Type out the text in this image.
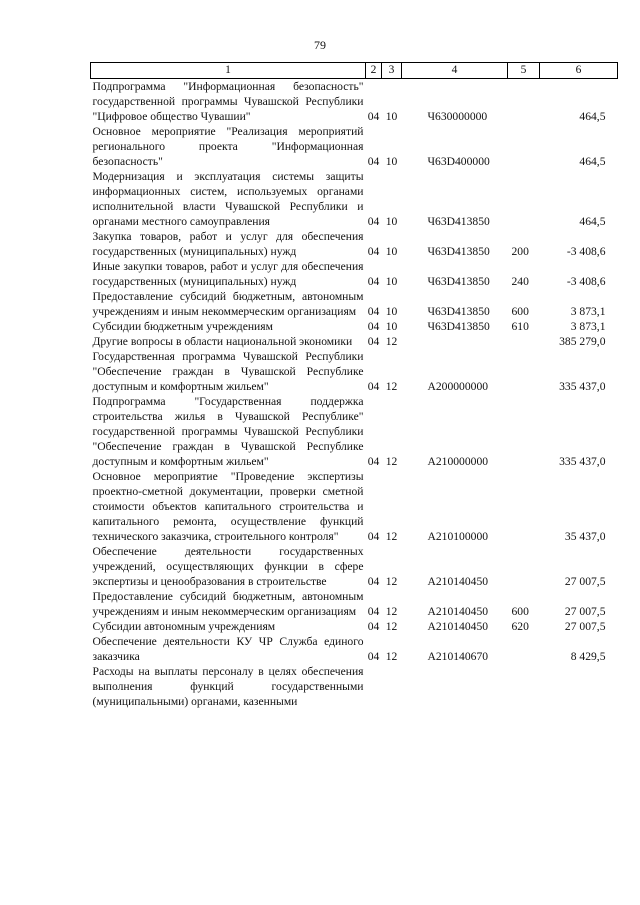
79
1	2	3	4	5	6
Подпрограмма "Информационная безопасность" государственной программы Чувашской Республики "Цифровое общество Чувашии"	04	10	Ч630000000		464,5
Основное мероприятие "Реализация мероприятий регионального проекта "Информационная безопасность"	04	10	Ч63D400000		464,5
Модернизация и эксплуатация системы защиты информационных систем, используемых органами исполнительной власти Чувашской Республики и органами местного самоуправления	04	10	Ч63D413850		464,5
Закупка товаров, работ и услуг для обеспечения государственных (муниципальных) нужд	04	10	Ч63D413850	200	-3 408,6
Иные закупки товаров, работ и услуг для обеспечения государственных (муниципальных) нужд	04	10	Ч63D413850	240	-3 408,6
Предоставление субсидий бюджетным, автономным учреждениям и иным некоммерческим организациям	04	10	Ч63D413850	600	3 873,1
Субсидии бюджетным учреждениям	04	10	Ч63D413850	610	3 873,1
Другие вопросы в области национальной экономики	04	12			385 279,0
Государственная программа Чувашской Республики "Обеспечение граждан в Чувашской Республике доступным и комфортным жильем"	04	12	А200000000		335 437,0
Подпрограмма "Государственная поддержка строительства жилья в Чувашской Республике" государственной программы Чувашской Республики "Обеспечение граждан в Чувашской Республике доступным и комфортным жильем"	04	12	А210000000		335 437,0
Основное мероприятие "Проведение экспертизы проектно-сметной документации, проверки сметной стоимости объектов капитального строительства и капитального ремонта, осуществление функций технического заказчика, строительного контроля"	04	12	А210100000		35 437,0
Обеспечение деятельности государственных учреждений, осуществляющих функции в сфере экспертизы и ценообразования в строительстве	04	12	А210140450		27 007,5
Предоставление субсидий бюджетным, автономным учреждениям и иным некоммерческим организациям	04	12	А210140450	600	27 007,5
Субсидии автономным учреждениям	04	12	А210140450	620	27 007,5
Обеспечение деятельности КУ ЧР Служба единого заказчика	04	12	А210140670		8 429,5
Расходы на выплаты персоналу в целях обеспечения выполнения функций государственными (муниципальными) органами, казенными					
